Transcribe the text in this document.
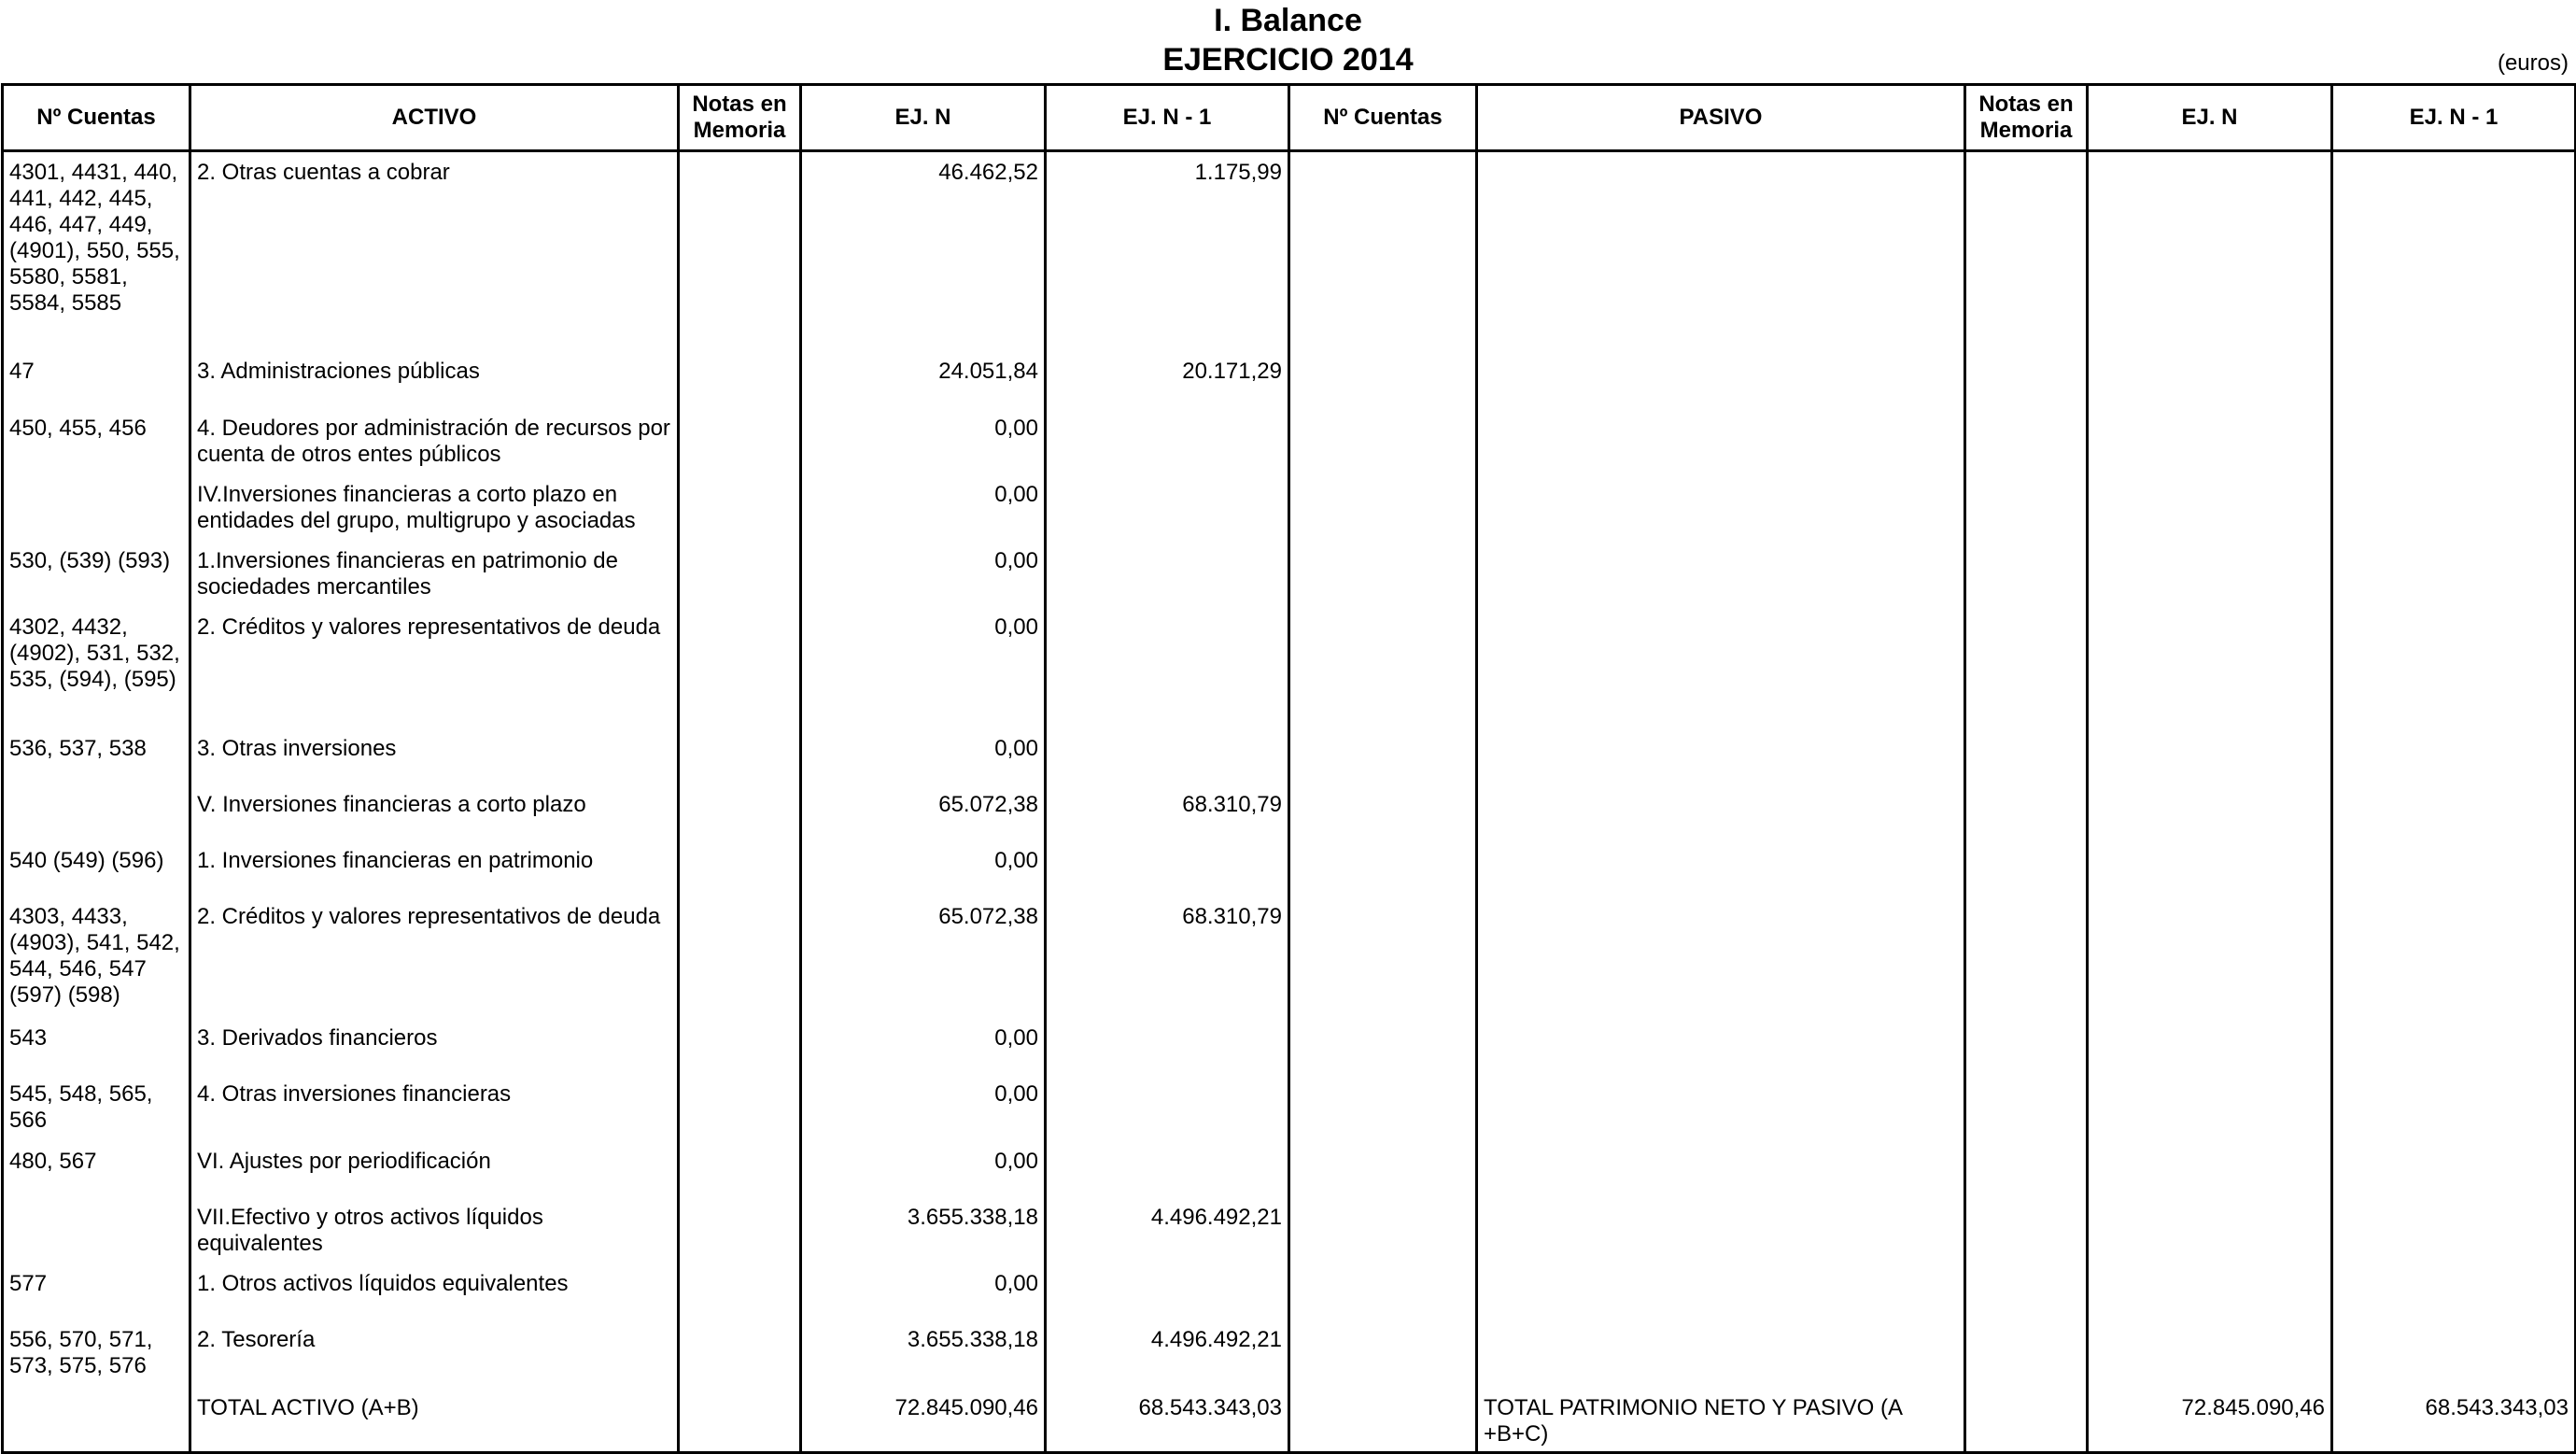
I. Balance
EJERCICIO 2014	(euros)
Nº Cuentas	ACTIVO	Notas en Memoria	EJ. N	EJ. N - 1	Nº Cuentas	PASIVO	Notas en Memoria	EJ. N	EJ. N - 1
4301, 4431, 440, 441, 442, 445, 446, 447, 449, (4901), 550, 555, 5580, 5581, 5584, 5585	2. Otras cuentas a cobrar		46.462,52	1.175,99					
47	3. Administraciones públicas		24.051,84	20.171,29					
450, 455, 456	4. Deudores por administración de recursos por cuenta de otros entes públicos		0,00						
	IV.Inversiones financieras a corto plazo en entidades del grupo, multigrupo y asociadas		0,00						
530, (539) (593)	1.Inversiones financieras en patrimonio de sociedades mercantiles		0,00						
4302, 4432, (4902), 531, 532, 535, (594), (595)	2. Créditos y valores representativos de deuda		0,00						
536, 537, 538	3. Otras inversiones		0,00						
	V. Inversiones financieras a corto plazo		65.072,38	68.310,79					
540 (549) (596)	1. Inversiones financieras en patrimonio		0,00						
4303, 4433, (4903), 541, 542, 544, 546, 547 (597) (598)	2. Créditos y valores representativos de deuda		65.072,38	68.310,79					
543	3. Derivados financieros		0,00						
545, 548, 565, 566	4. Otras inversiones financieras		0,00						
480, 567	VI. Ajustes por periodificación		0,00						
	VII.Efectivo y otros activos líquidos equivalentes		3.655.338,18	4.496.492,21					
577	1. Otros activos líquidos equivalentes		0,00						
556, 570, 571, 573, 575, 576	2. Tesorería		3.655.338,18	4.496.492,21					
	TOTAL ACTIVO (A+B)		72.845.090,46	68.543.343,03		TOTAL PATRIMONIO NETO Y PASIVO (A +B+C)		72.845.090,46	68.543.343,03
